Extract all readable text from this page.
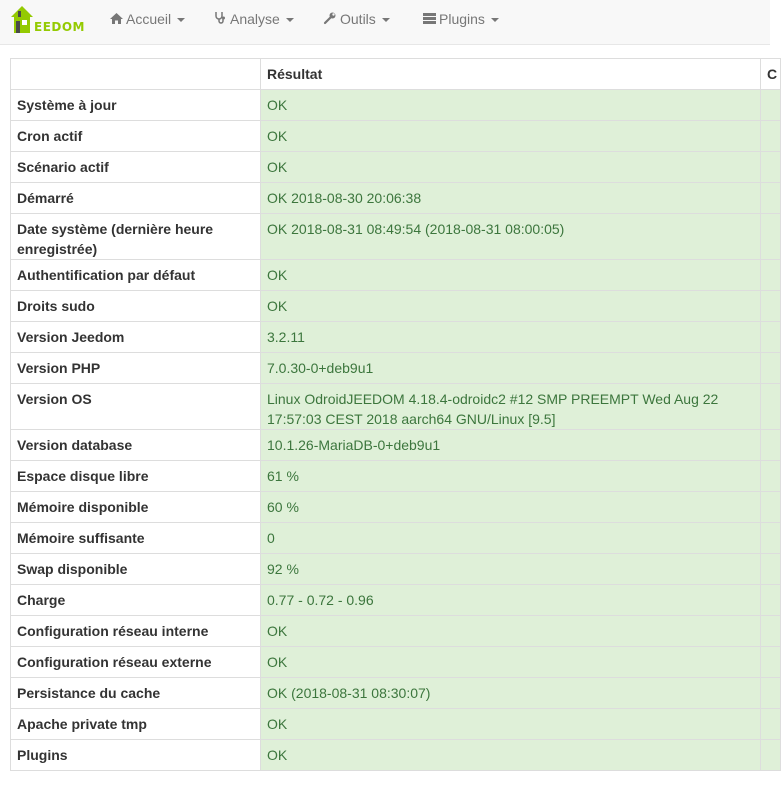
EEDOM	Accueil	Analyse	Outils	Plugins
	Résultat	C
Système à jour	OK	
Cron actif	OK	
Scénario actif	OK	
Démarré	OK 2018-08-30 20:06:38	
Date système (dernière heure enregistrée)	OK 2018-08-31 08:49:54 (2018-08-31 08:00:05)	
Authentification par défaut	OK	
Droits sudo	OK	
Version Jeedom	3.2.11	
Version PHP	7.0.30-0+deb9u1	
Version OS	Linux OdroidJEEDOM 4.18.4-odroidc2 #12 SMP PREEMPT Wed Aug 22 17:57:03 CEST 2018 aarch64 GNU/Linux [9.5]	
Version database	10.1.26-MariaDB-0+deb9u1	
Espace disque libre	61 %	
Mémoire disponible	60 %	
Mémoire suffisante	0	
Swap disponible	92 %	
Charge	0.77 - 0.72 - 0.96	
Configuration réseau interne	OK	
Configuration réseau externe	OK	
Persistance du cache	OK (2018-08-31 08:30:07)	
Apache private tmp	OK	
Plugins	OK	
